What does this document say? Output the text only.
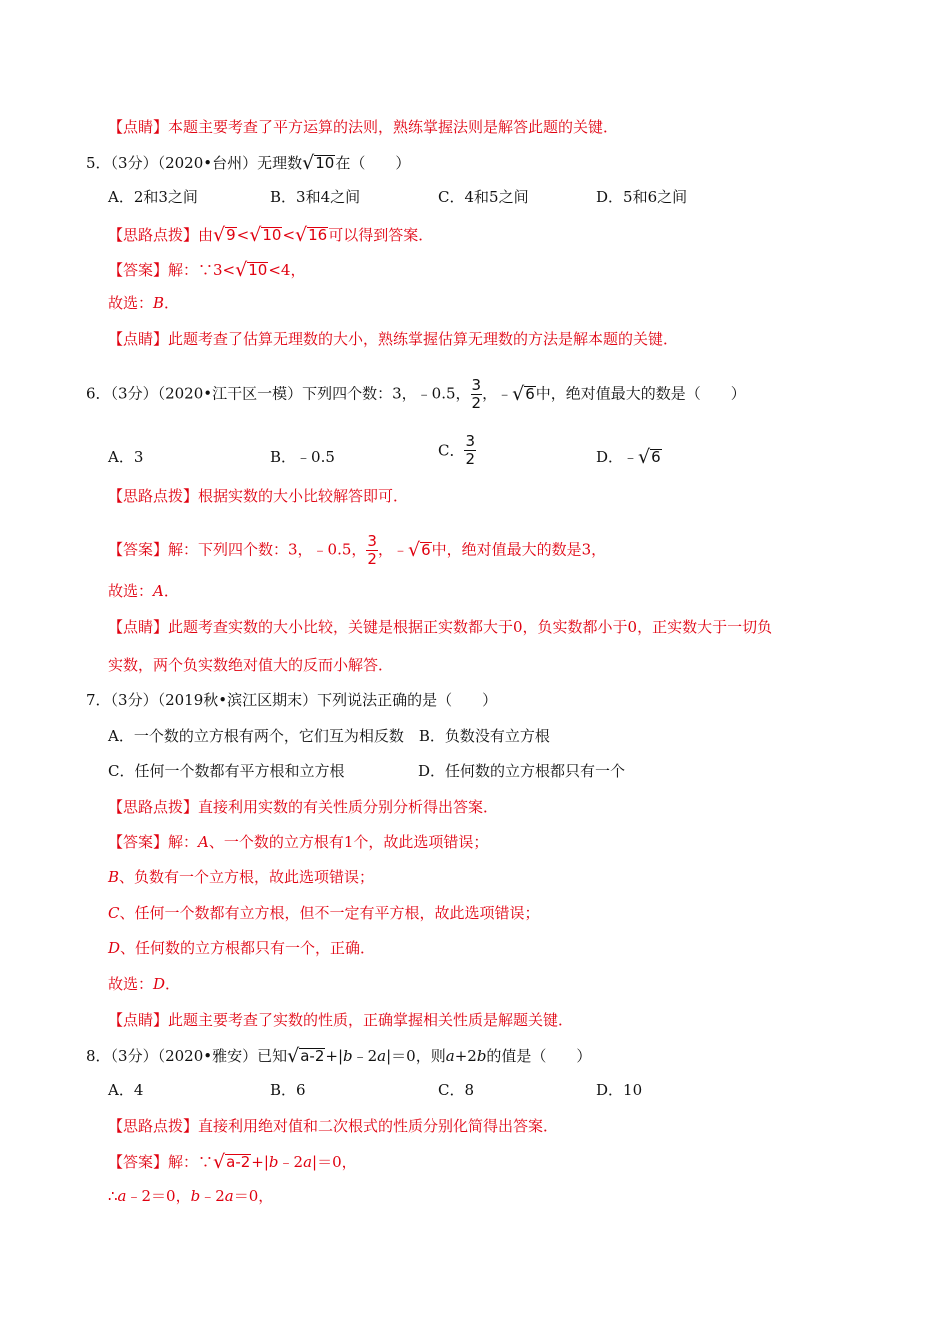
【点睛】本题主要考查了平方运算的法则，熟练掌握法则是解答此题的关键．
5．（3分）（2020•台州）无理数√10在（　　）
A．2和3之间	B．3和4之间	C．4和5之间	D．5和6之间
【思路点拨】由√9<√10<√16可以得到答案．
【答案】解：∵3<√10<4，
故选：B．
【点睛】此题考查了估算无理数的大小，熟练掌握估算无理数的方法是解本题的关键．
6．（3分）（2020•江干区一模）下列四个数：3，﹣0.5， $\frac{3}{2}$ ，﹣√6中，绝对值最大的数是（　　）
A．3	B．﹣0.5	C． $\frac{3}{2}$	D．﹣√6
【思路点拨】根据实数的大小比较解答即可．
【答案】解：下列四个数：3，﹣0.5， $\frac{3}{2}$ ，﹣√6中，绝对值最大的数是3，
故选：A．
【点睛】此题考查实数的大小比较，关键是根据正实数都大于0，负实数都小于0，正实数大于一切负
实数，两个负实数绝对值大的反而小解答．
7．（3分）（2019秋•滨江区期末）下列说法正确的是（　　）
A．一个数的立方根有两个，它们互为相反数　B．负数没有立方根
C．任何一个数都有平方根和立方根	D．任何数的立方根都只有一个
【思路点拨】直接利用实数的有关性质分别分析得出答案．
【答案】解：A、一个数的立方根有1个，故此选项错误；
B、负数有一个立方根，故此选项错误；
C、任何一个数都有立方根，但不一定有平方根，故此选项错误；
D、任何数的立方根都只有一个，正确．
故选：D．
【点睛】此题主要考查了实数的性质，正确掌握相关性质是解题关键．
8．（3分）（2020•雅安）已知√a-2+|b﹣2a|＝0，则a+2b的值是（　　）
A．4	B．6	C．8	D．10
【思路点拨】直接利用绝对值和二次根式的性质分别化简得出答案．
【答案】解：∵√a-2+|b﹣2a|＝0，
∴a﹣2＝0，b﹣2a＝0，
